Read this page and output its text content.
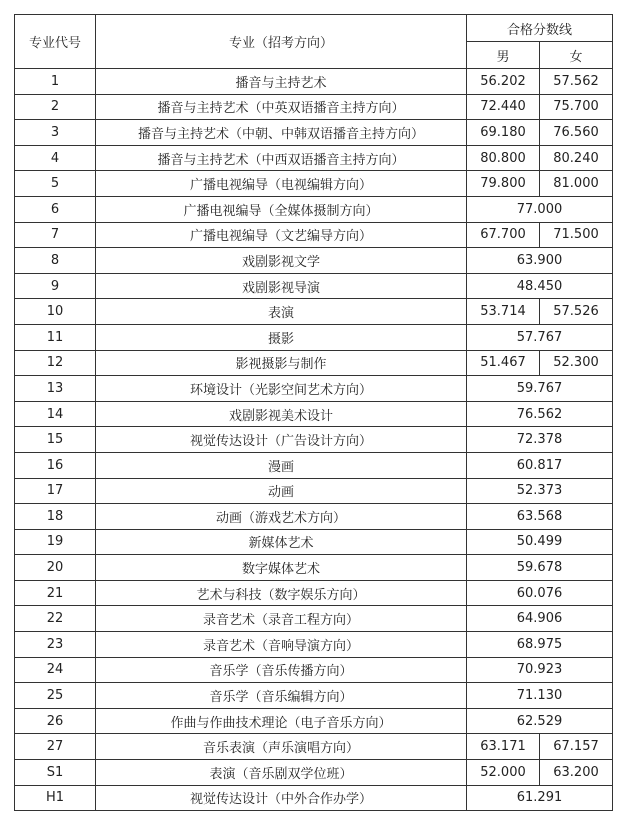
专业代号	专业（招考方向）	合格分数线	
		男	女
1	播音与主持艺术	56.202	57.562
2	播音与主持艺术（中英双语播音主持方向）	72.440	75.700
3	播音与主持艺术（中朝、中韩双语播音主持方向）	69.180	76.560
4	播音与主持艺术（中西双语播音主持方向）	80.800	80.240
5	广播电视编导（电视编辑方向）	79.800	81.000
6	广播电视编导（全媒体摄制方向）	77.000	
7	广播电视编导（文艺编导方向）	67.700	71.500
8	戏剧影视文学	63.900	
9	戏剧影视导演	48.450	
10	表演	53.714	57.526
11	摄影	57.767	
12	影视摄影与制作	51.467	52.300
13	环境设计（光影空间艺术方向）	59.767	
14	戏剧影视美术设计	76.562	
15	视觉传达设计（广告设计方向）	72.378	
16	漫画	60.817	
17	动画	52.373	
18	动画（游戏艺术方向）	63.568	
19	新媒体艺术	50.499	
20	数字媒体艺术	59.678	
21	艺术与科技（数字娱乐方向）	60.076	
22	录音艺术（录音工程方向）	64.906	
23	录音艺术（音响导演方向）	68.975	
24	音乐学（音乐传播方向）	70.923	
25	音乐学（音乐编辑方向）	71.130	
26	作曲与作曲技术理论（电子音乐方向）	62.529	
27	音乐表演（声乐演唱方向）	63.171	67.157
S1	表演（音乐剧双学位班）	52.000	63.200
H1	视觉传达设计（中外合作办学）	61.291	
